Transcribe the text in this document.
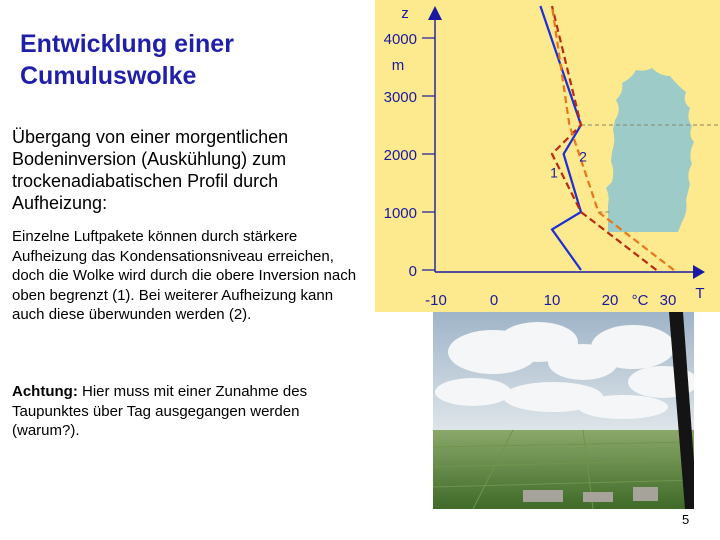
Entwicklung einer
Cumuluswolke
Übergang von einer morgentlichen Bodeninversion (Auskühlung) zum trockenadiabatischen Profil durch Aufheizung:
Einzelne Luftpakete können durch stärkere Aufheizung das Kondensationsniveau erreichen, doch die Wolke wird durch die obere Inversion nach oben begrenzt (1). Bei weiterer Aufheizung kann auch diese überwunden werden (2).
Achtung: Hier muss mit einer Zunahme des Taupunktes über Tag ausgegangen werden (warum?).
0
1000
2000
3000
4000
-10	0	10	20	30
z
m
°C	T
1
2
5
